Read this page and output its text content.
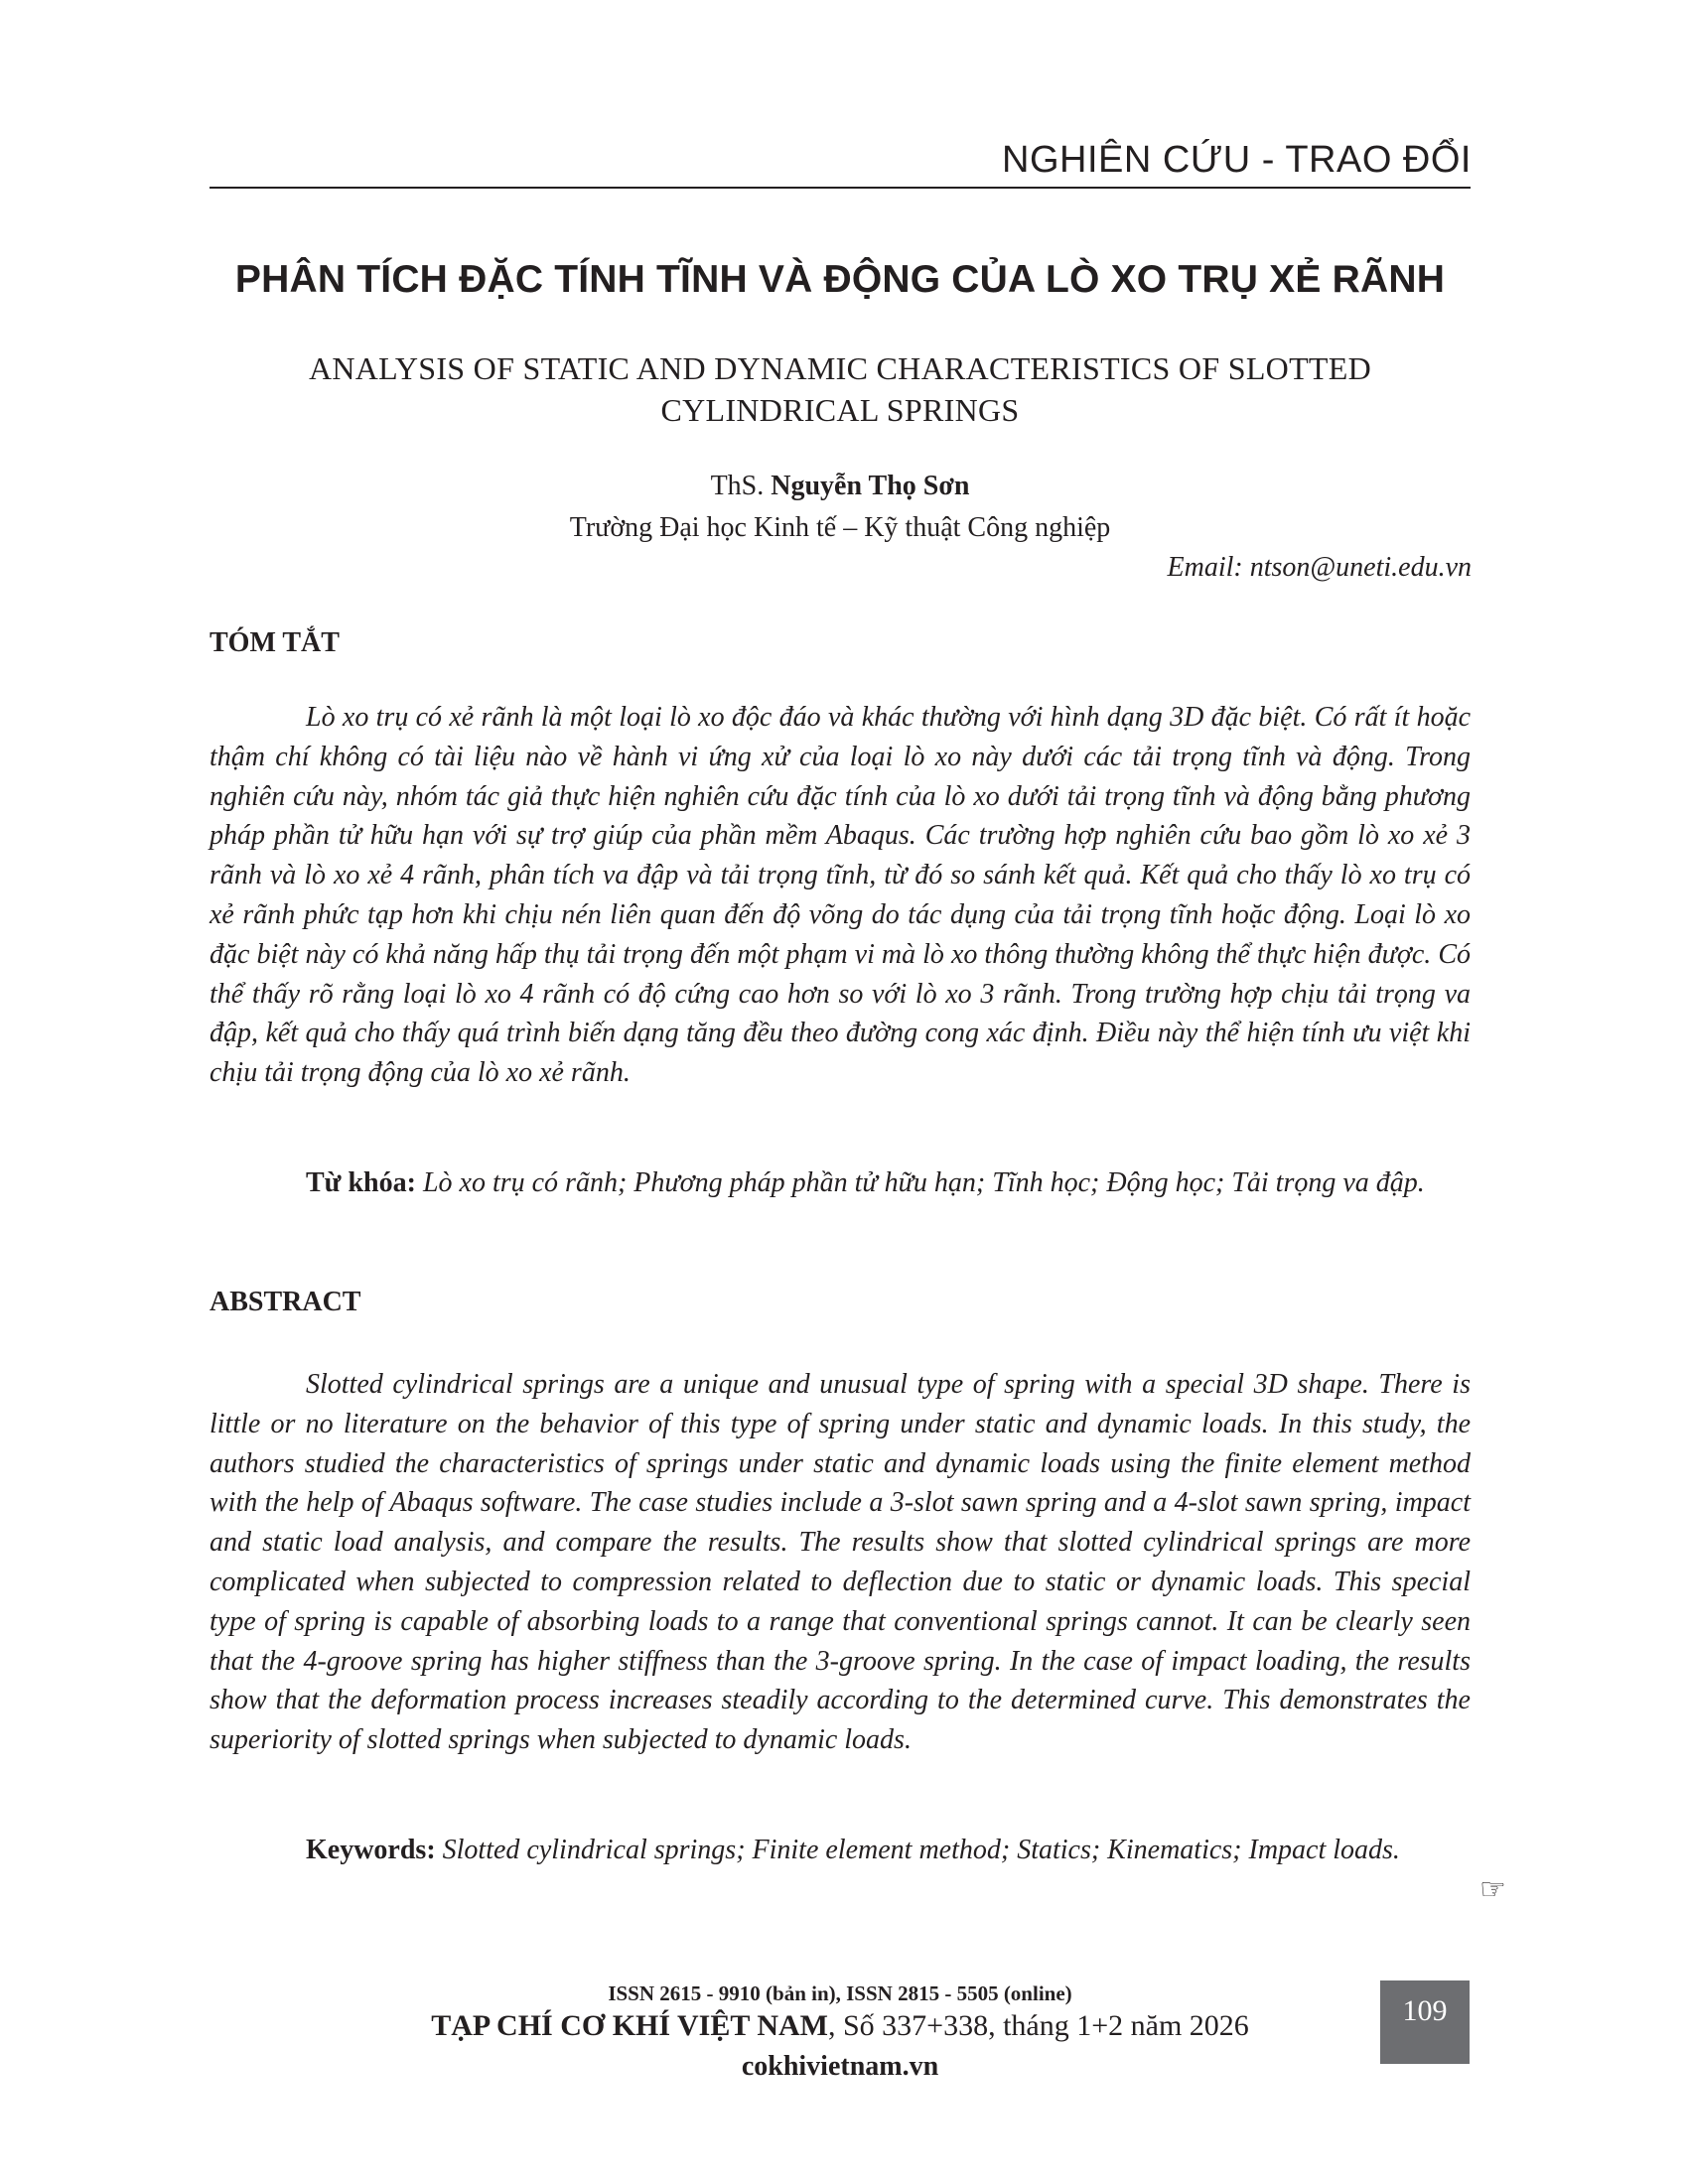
NGHIÊN CỨU - TRAO ĐỔI
PHÂN TÍCH ĐẶC TÍNH TĨNH VÀ ĐỘNG CỦA LÒ XO TRỤ XẺ RÃNH
ANALYSIS OF STATIC AND DYNAMIC CHARACTERISTICS OF SLOTTED
CYLINDRICAL SPRINGS
ThS. Nguyễn Thọ Sơn
Trường Đại học Kinh tế – Kỹ thuật Công nghiệp
Email: ntson@uneti.edu.vn
TÓM TẮT
Lò xo trụ có xẻ rãnh là một loại lò xo độc đáo và khác thường với hình dạng 3D đặc biệt. Có rất ít hoặc thậm chí không có tài liệu nào về hành vi ứng xử của loại lò xo này dưới các tải trọng tĩnh và động. Trong nghiên cứu này, nhóm tác giả thực hiện nghiên cứu đặc tính của lò xo dưới tải trọng tĩnh và động bằng phương pháp phần tử hữu hạn với sự trợ giúp của phần mềm Abaqus. Các trường hợp nghiên cứu bao gồm lò xo xẻ 3 rãnh và lò xo xẻ 4 rãnh, phân tích va đập và tải trọng tĩnh, từ đó so sánh kết quả. Kết quả cho thấy lò xo trụ có xẻ rãnh phức tạp hơn khi chịu nén liên quan đến độ võng do tác dụng của tải trọng tĩnh hoặc động. Loại lò xo đặc biệt này có khả năng hấp thụ tải trọng đến một phạm vi mà lò xo thông thường không thể thực hiện được. Có thể thấy rõ rằng loại lò xo 4 rãnh có độ cứng cao hơn so với lò xo 3 rãnh. Trong trường hợp chịu tải trọng va đập, kết quả cho thấy quá trình biến dạng tăng đều theo đường cong xác định. Điều này thể hiện tính ưu việt khi chịu tải trọng động của lò xo xẻ rãnh.
Từ khóa: Lò xo trụ có rãnh; Phương pháp phần tử hữu hạn; Tĩnh học; Động học; Tải trọng va đập.
ABSTRACT
Slotted cylindrical springs are a unique and unusual type of spring with a special 3D shape. There is little or no literature on the behavior of this type of spring under static and dynamic loads. In this study, the authors studied the characteristics of springs under static and dynamic loads using the finite element method with the help of Abaqus software. The case studies include a 3-slot sawn spring and a 4-slot sawn spring, impact and static load analysis, and compare the results. The results show that slotted cylindrical springs are more complicated when subjected to compression related to deflection due to static or dynamic loads. This special type of spring is capable of absorbing loads to a range that conventional springs cannot. It can be clearly seen that the 4-groove spring has higher stiffness than the 3-groove spring. In the case of impact loading, the results show that the deformation process increases steadily according to the determined curve. This demonstrates the superiority of slotted springs when subjected to dynamic loads.
Keywords: Slotted cylindrical springs; Finite element method; Statics; Kinematics; Impact loads.
☞
ISSN 2615 - 9910 (bản in), ISSN 2815 - 5505 (online)
TẠP CHÍ CƠ KHÍ VIỆT NAM, Số 337+338, tháng 1+2 năm 2026
cokhivietnam.vn
109
